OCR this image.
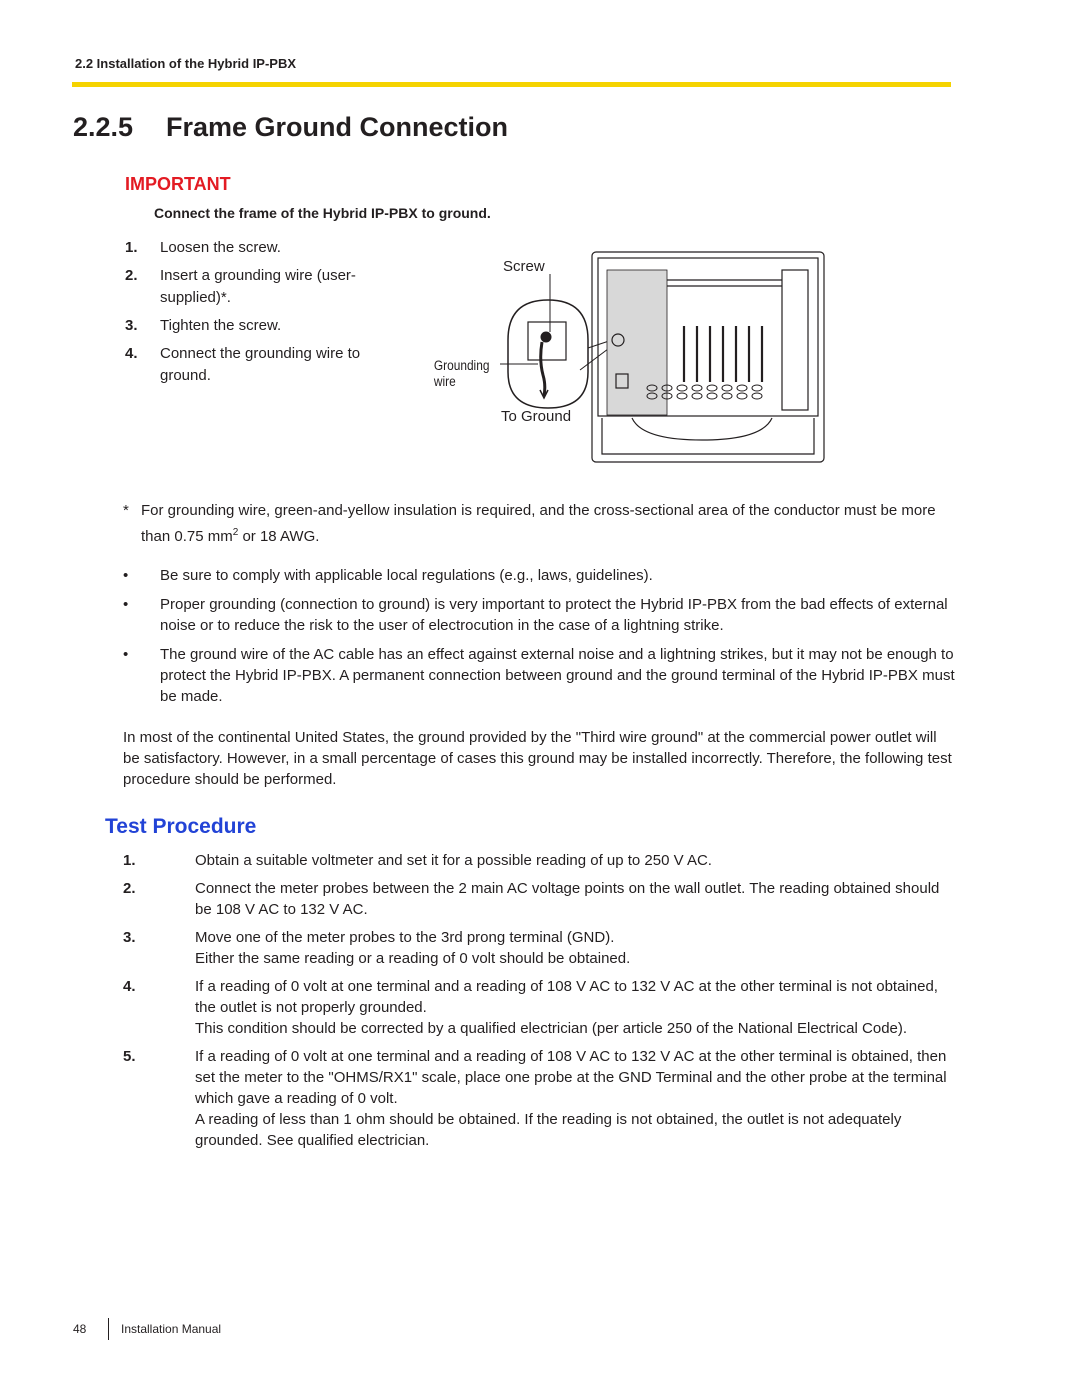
2.2 Installation of the Hybrid IP-PBX
2.2.5 Frame Ground Connection
IMPORTANT
Connect the frame of the Hybrid IP-PBX to ground.
1. Loosen the screw.
2. Insert a grounding wire (user-supplied)*.
3. Tighten the screw.
4. Connect the grounding wire to ground.
Screw
Grounding
wire
To Ground
* For grounding wire, green-and-yellow insulation is required, and the cross-sectional area of the conductor must be more than 0.75 $mm^2$ or 18 AWG.
• Be sure to comply with applicable local regulations (e.g., laws, guidelines).
• Proper grounding (connection to ground) is very important to protect the Hybrid IP-PBX from the bad effects of external noise or to reduce the risk to the user of electrocution in the case of a lightning strike.
• The ground wire of the AC cable has an effect against external noise and a lightning strikes, but it may not be enough to protect the Hybrid IP-PBX. A permanent connection between ground and the ground terminal of the Hybrid IP-PBX must be made.
In most of the continental United States, the ground provided by the "Third wire ground" at the commercial power outlet will be satisfactory. However, in a small percentage of cases this ground may be installed incorrectly. Therefore, the following test procedure should be performed.
Test Procedure
1.	Obtain a suitable voltmeter and set it for a possible reading of up to 250 V AC.
2.	Connect the meter probes between the 2 main AC voltage points on the wall outlet. The reading obtained should be 108 V AC to 132 V AC.
3.	Move one of the meter probes to the 3rd prong terminal (GND).
Either the same reading or a reading of 0 volt should be obtained.
4.	If a reading of 0 volt at one terminal and a reading of 108 V AC to 132 V AC at the other terminal is not obtained, the outlet is not properly grounded.
This condition should be corrected by a qualified electrician (per article 250 of the National Electrical Code).
5.	If a reading of 0 volt at one terminal and a reading of 108 V AC to 132 V AC at the other terminal is obtained, then set the meter to the "OHMS/RX1" scale, place one probe at the GND Terminal and the other probe at the terminal which gave a reading of 0 volt.
A reading of less than 1 ohm should be obtained. If the reading is not obtained, the outlet is not adequately grounded. See qualified electrician.
48	Installation Manual
